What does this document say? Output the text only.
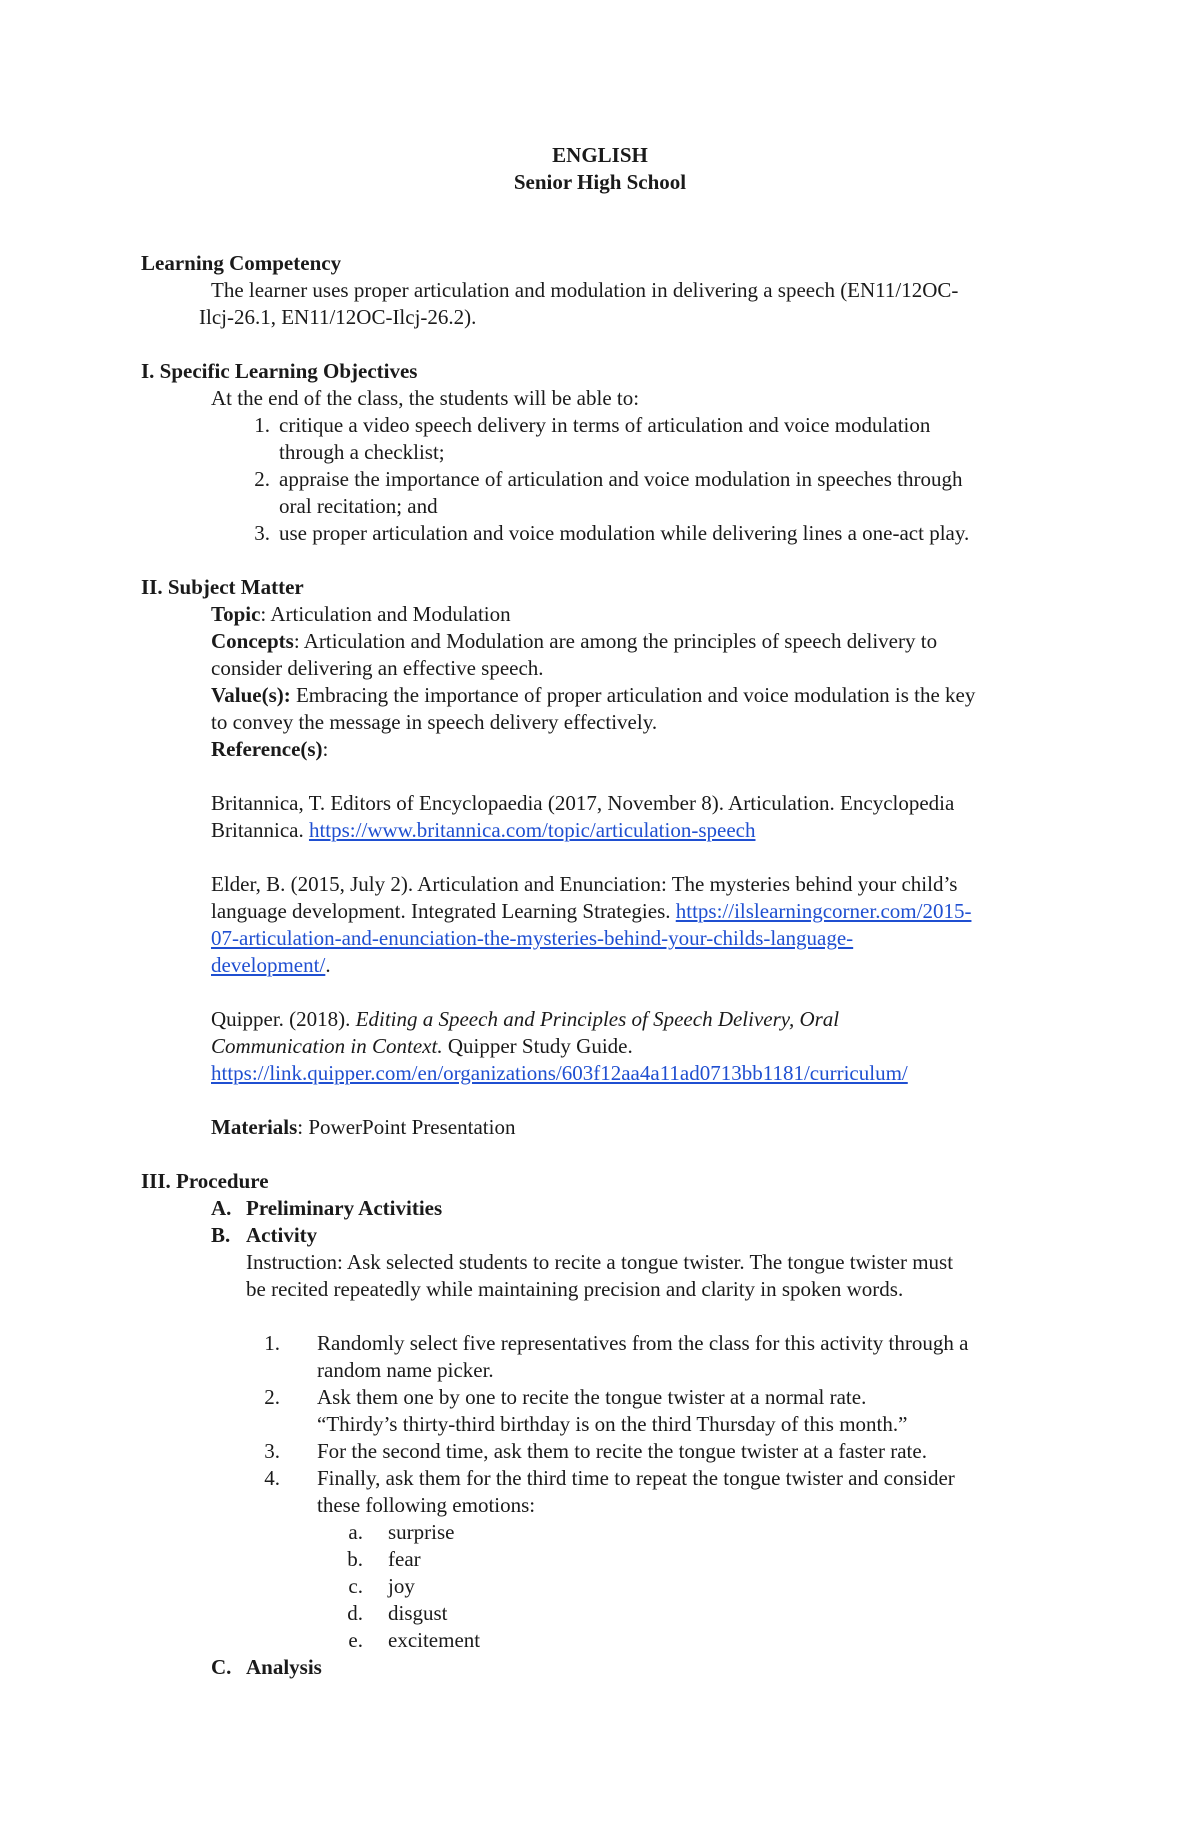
ENGLISH
Senior High School
Learning Competency
The learner uses proper articulation and modulation in delivering a speech (EN11/12OC-
Ilcj-26.1, EN11/12OC-Ilcj-26.2).
I. Specific Learning Objectives
At the end of the class, the students will be able to:
1. critique a video speech delivery in terms of articulation and voice modulation
through a checklist;
2. appraise the importance of articulation and voice modulation in speeches through
oral recitation; and
3. use proper articulation and voice modulation while delivering lines a one-act play.
II. Subject Matter
Topic: Articulation and Modulation
Concepts: Articulation and Modulation are among the principles of speech delivery to
consider delivering an effective speech.
Value(s): Embracing the importance of proper articulation and voice modulation is the key
to convey the message in speech delivery effectively.
Reference(s):
Britannica, T. Editors of Encyclopaedia (2017, November 8). Articulation. Encyclopedia
Britannica. https://www.britannica.com/topic/articulation-speech
Elder, B. (2015, July 2). Articulation and Enunciation: The mysteries behind your child’s
language development. Integrated Learning Strategies. https://ilslearningcorner.com/2015-
07-articulation-and-enunciation-the-mysteries-behind-your-childs-language-
development/.
Quipper. (2018). Editing a Speech and Principles of Speech Delivery, Oral
Communication in Context. Quipper Study Guide.
https://link.quipper.com/en/organizations/603f12aa4a11ad0713bb1181/curriculum/
Materials: PowerPoint Presentation
III. Procedure
A. Preliminary Activities
B. Activity
Instruction: Ask selected students to recite a tongue twister. The tongue twister must
be recited repeatedly while maintaining precision and clarity in spoken words.
1. Randomly select five representatives from the class for this activity through a
random name picker.
2. Ask them one by one to recite the tongue twister at a normal rate.
“Thirdy’s thirty-third birthday is on the third Thursday of this month.”
3. For the second time, ask them to recite the tongue twister at a faster rate.
4. Finally, ask them for the third time to repeat the tongue twister and consider
these following emotions:
a. surprise
b. fear
c. joy
d. disgust
e. excitement
C. Analysis
